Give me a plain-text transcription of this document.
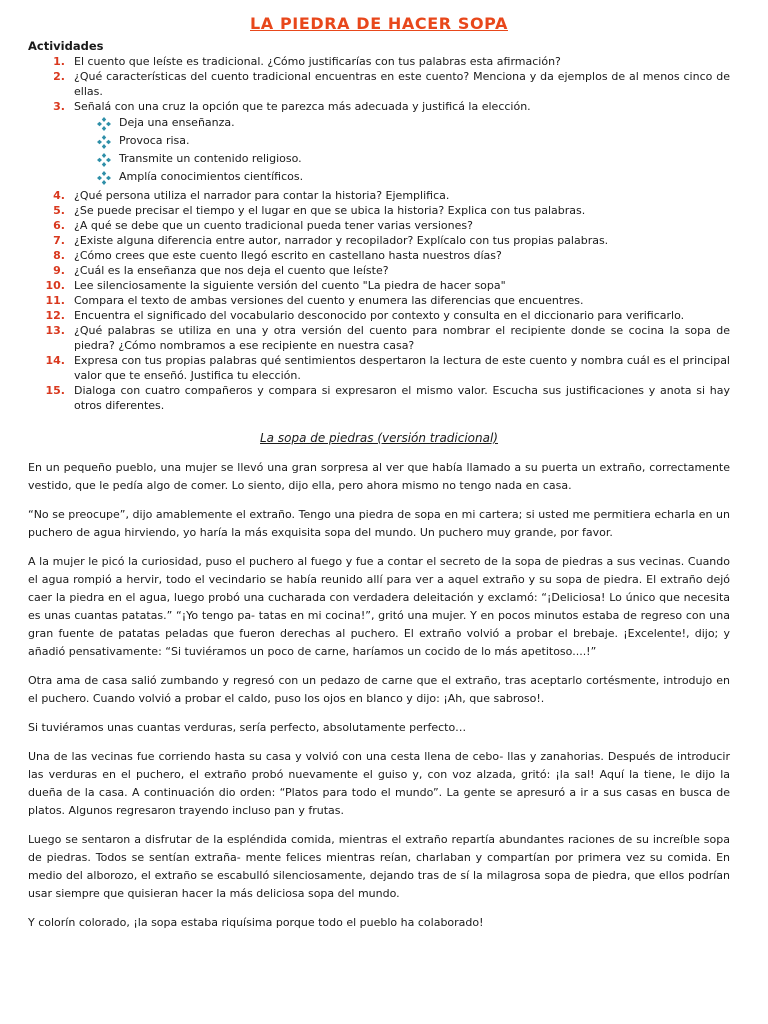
LA PIEDRA DE HACER SOPA
Actividades
1. El cuento que leíste es tradicional. ¿Cómo justificarías con tus palabras esta afirmación?
2. ¿Qué características del cuento tradicional encuentras en este cuento? Menciona y da ejemplos de al menos cinco de ellas.
3. Señalá con una cruz la opción que te parezca más adecuada y justificá la elección.
Deja una enseñanza.
Provoca risa.
Transmite un contenido religioso.
Amplía conocimientos científicos.
4. ¿Qué persona utiliza el narrador para contar la historia? Ejemplifica.
5. ¿Se puede precisar el tiempo y el lugar en que se ubica la historia? Explica con tus palabras.
6. ¿A qué se debe que un cuento tradicional pueda tener varias versiones?
7. ¿Existe alguna diferencia entre autor, narrador y recopilador? Explícalo con tus propias palabras.
8. ¿Cómo crees que este cuento llegó escrito en castellano hasta nuestros días?
9. ¿Cuál es la enseñanza que nos deja el cuento que leíste?
10. Lee silenciosamente la siguiente versión del cuento "La piedra de hacer sopa"
11. Compara el texto de ambas versiones del cuento y enumera las diferencias que encuentres.
12. Encuentra el significado del vocabulario desconocido por contexto y consulta en el diccionario para verificarlo.
13. ¿Qué palabras se utiliza en una y otra versión del cuento para nombrar el recipiente donde se cocina la sopa de piedra? ¿Cómo nombramos a ese recipiente en nuestra casa?
14. Expresa con tus propias palabras qué sentimientos despertaron la lectura de este cuento y nombra cuál es el principal valor que te enseñó. Justifica tu elección.
15. Dialoga con cuatro compañeros y compara si expresaron el mismo valor. Escucha sus justificaciones y anota si hay otros diferentes.
La sopa de piedras (versión tradicional)

En un pequeño pueblo, una mujer se llevó una gran sorpresa al ver que había llamado a su puerta un extraño, correctamente vestido, que le pedía algo de comer. Lo siento, dijo ella, pero ahora mismo no tengo nada en casa.

“No se preocupe”, dijo amablemente el extraño. Tengo una piedra de sopa en mi cartera; si usted me permitiera echarla en un puchero de agua hirviendo, yo haría la más exquisita sopa del mundo. Un puchero muy grande, por favor.

A la mujer le picó la curiosidad, puso el puchero al fuego y fue a contar el secreto de la sopa de piedras a sus vecinas. Cuando el agua rompió a hervir, todo el vecindario se había reunido allí para ver a aquel extraño y su sopa de piedra. El extraño dejó caer la piedra en el agua, luego probó una cucharada con verdadera deleitación y exclamó: “¡Deliciosa! Lo único que necesita es unas cuantas patatas.” “¡Yo tengo pa- tatas en mi cocina!”, gritó una mujer. Y en pocos minutos estaba de regreso con una gran fuente de patatas peladas que fueron derechas al puchero. El extraño volvió a probar el brebaje. ¡Excelente!, dijo; y añadió pensativamente: “Si tuviéramos un poco de carne, haríamos un cocido de lo más apetitoso....!”

Otra ama de casa salió zumbando y regresó con un pedazo de carne que el extraño, tras aceptarlo cortésmente, introdujo en el puchero. Cuando volvió a probar el caldo, puso los ojos en blanco y dijo: ¡Ah, que sabroso!.

Si tuviéramos unas cuantas verduras, sería perfecto, absolutamente perfecto…

Una de las vecinas fue corriendo hasta su casa y volvió con una cesta llena de cebo- llas y zanahorias. Después de introducir las verduras en el puchero, el extraño probó nuevamente el guiso y, con voz alzada, gritó: ¡la sal! Aquí la tiene, le dijo la dueña de la casa. A continuación dio orden: “Platos para todo el mundo”. La gente se apresuró a ir a sus casas en busca de platos. Algunos regresaron trayendo incluso pan y frutas.

Luego se sentaron a disfrutar de la espléndida comida, mientras el extraño repartía abundantes raciones de su increíble sopa de piedras. Todos se sentían extraña- mente felices mientras reían, charlaban y compartían por primera vez su comida. En medio del alborozo, el extraño se escabulló silenciosamente, dejando tras de sí la milagrosa sopa de piedra, que ellos podrían usar siempre que quisieran hacer la más deliciosa sopa del mundo.

Y colorín colorado, ¡la sopa estaba riquísima porque todo el pueblo ha colaborado!
